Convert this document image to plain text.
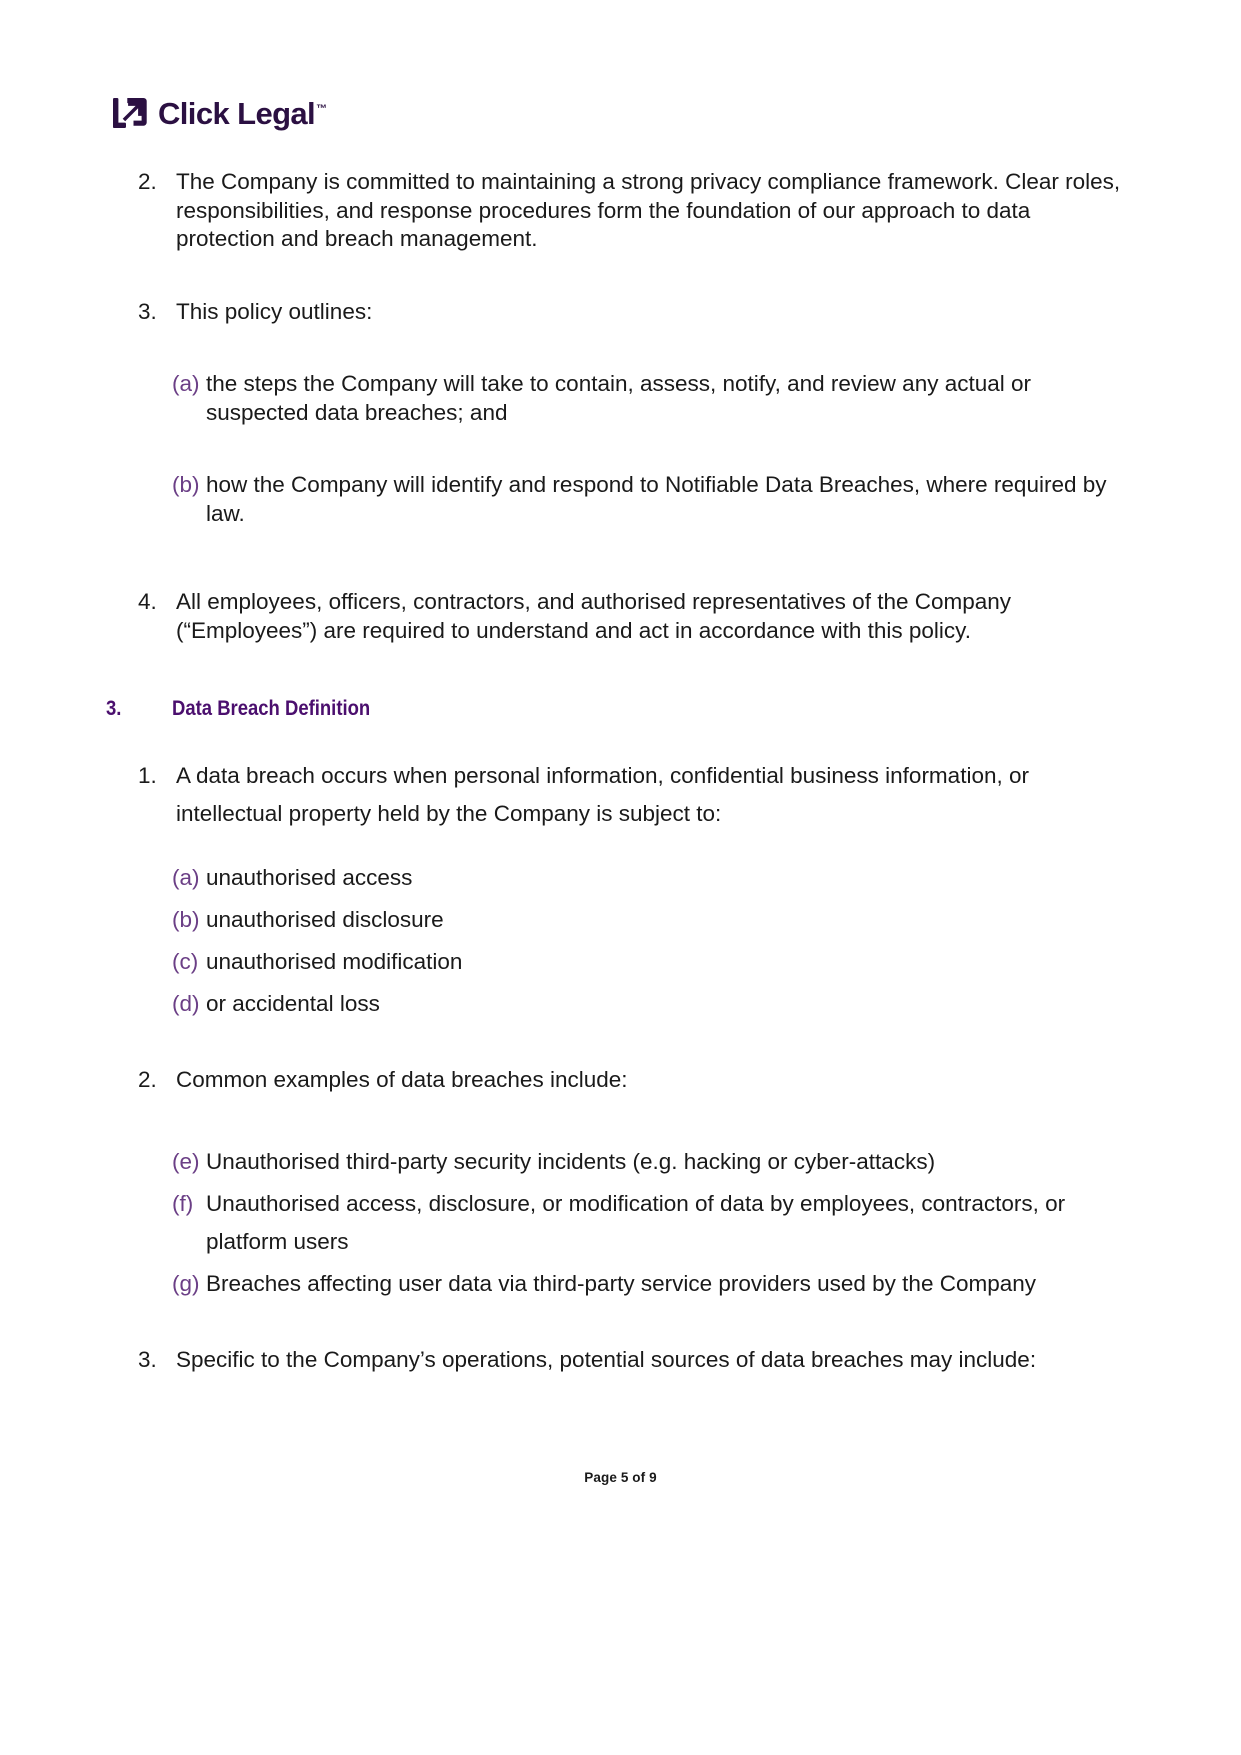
Click Legal™
2. The Company is committed to maintaining a strong privacy compliance framework. Clear roles, responsibilities, and response procedures form the foundation of our approach to data protection and breach management.
3. This policy outlines:
(a) the steps the Company will take to contain, assess, notify, and review any actual or suspected data breaches; and
(b) how the Company will identify and respond to Notifiable Data Breaches, where required by law.
4. All employees, officers, contractors, and authorised representatives of the Company (“Employees”) are required to understand and act in accordance with this policy.
3.	Data Breach Definition
1. A data breach occurs when personal information, confidential business information, or intellectual property held by the Company is subject to:
(a) unauthorised access
(b) unauthorised disclosure
(c) unauthorised modification
(d) or accidental loss
2. Common examples of data breaches include:
(e) Unauthorised third-party security incidents (e.g. hacking or cyber-attacks)
(f) Unauthorised access, disclosure, or modification of data by employees, contractors, or platform users
(g) Breaches affecting user data via third-party service providers used by the Company
3. Specific to the Company’s operations, potential sources of data breaches may include:
Page 5 of 9
